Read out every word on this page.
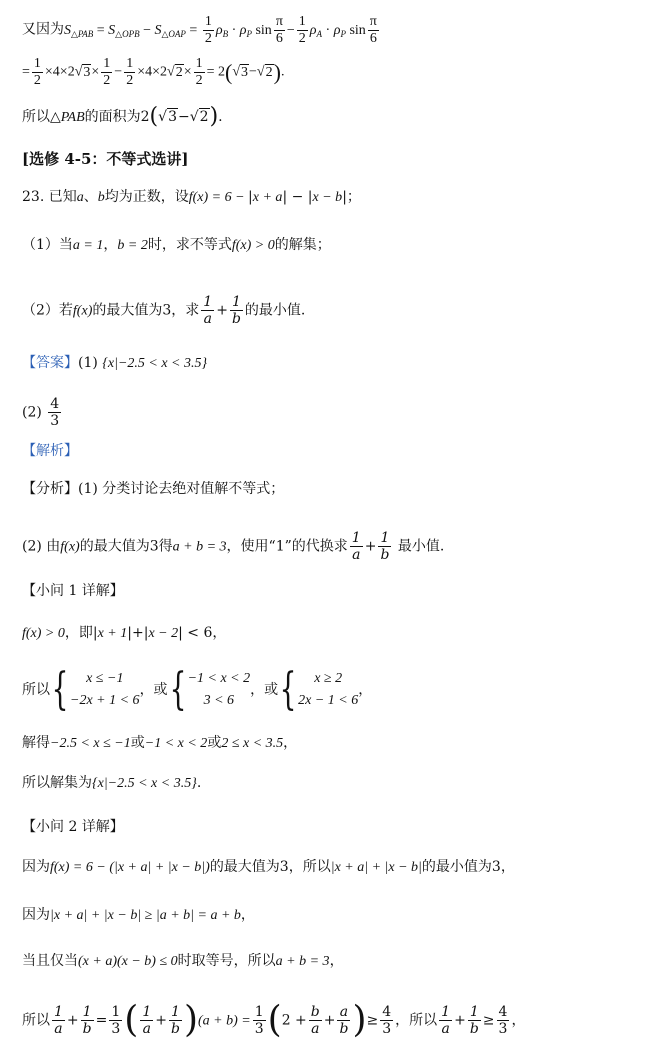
又因为$S_{\triangle PAB} = S_{\triangle OPB} - S_{\triangle OAP} = \frac{1}{2} \rho_B \cdot \rho_P$ $\sin \frac{\pi}{6} - \frac{1}{2} \rho_A \cdot \rho_P$ $\sin \frac{\pi}{6}$
= $\frac{1}{2} \times 4\times 2√3\times \frac{1}{2} - \frac{1}{2} \times 4\times 2√2\times \frac{1}{2} = 2(√3-√2)$.
所以△PAB的面积为2(√3−√2).
[选修 4-5：不等式选讲]
23. 已知a、b均为正数，设f(x) = 6 − |x + a| − |x − b|；
（1）当a = 1，b = 2时，求不等式f(x) > 0的解集；
（2）若f(x)的最大值为3，求 $\frac{1}{a} + \frac{1}{b}$ 的最小值.
【答案】(1) {x|−2.5 < x < 3.5}
$(2) \frac{4}{3}$
【解析】
【分析】(1) 分类讨论去绝对值解不等式；
(2) 由f(x)的最大值为3得a + b = 3，使用“1”的代换求 $\frac{1}{a} + \frac{1}{b}$ 最小值.
【小问 1 详解】
f(x) > 0，即|x + 1|+|x − 2| < 6，
所以{	x ≤ −1
−2x + 1 < 6
，或{ −1 < x < 2
3 < 6
，或{	x ≥ 2
2x − 1 < 6
，
解得−2.5 < x ≤ −1或−1 < x < 2或2 ≤ x < 3.5，
所以解集为{x|−2.5 < x < 3.5}.
【小问 2 详解】
因为f(x) = 6 − (|x + a| + |x − b|)的最大值为3，所以|x + a| + |x − b|的最小值为3，
因为|x + a| + |x − b| ≥ |a + b| = a + b，
当且仅当(x + a)(x − b) ≤ 0时取等号，所以a + b = 3，
所以 $\frac{1}{a} + \frac{1}{b} = \frac{1}{3}$ ( $\frac{1}{a} + \frac{1}{b} )(a + b) = \frac{1}{3} (2 + \frac{b}{a} + \frac{a}{b}$ )≥ $\frac{4}{3}$ ，所以 $\frac{1}{a} + \frac{1}{b} \ge \frac{4}{3}$ ，
